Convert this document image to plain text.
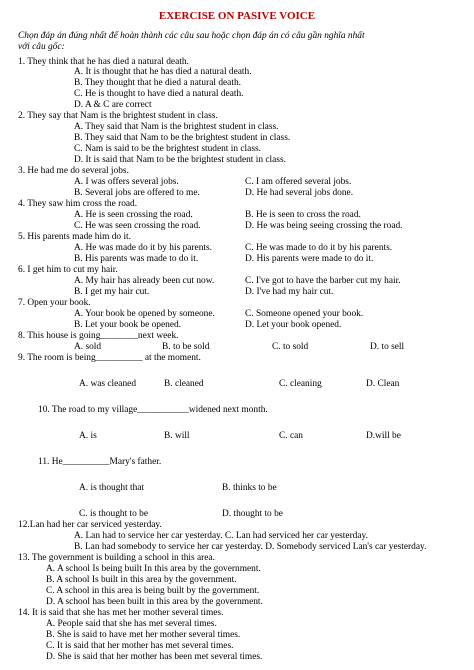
EXERCISE ON PASIVE VOICE
Chọn đáp án đúng nhất để hoàn thành các câu sau hoặc chọn đáp án có câu gần nghĩa nhất
với câu gốc:
1. They think that he has died a natural death.
A. It is thought that he has died a natural death.
B. They thought that he died a natural death.
C. He is thought to have died a natural death.
D. A & C are correct
2. They say that Nam is the brightest student in class.
A. They said that Nam is the brightest student in class.
B. They said that Nam to be the brightest student in class.
C. Nam is said to be the brightest student in class.
D. It is said that Nam to be the brightest student in class.
3. He had me do several jobs.
A. I was offers several jobs.	C. I am offered several jobs.
B. Several jobs are offered to me.	D. He had several jobs done.
4. They saw him cross the road.
A. He is seen crossing the road.	B. He is seen to cross the road.
C. He was seen crossing the road.	D. He was being seeing crossing the road.
5. His parents made him do it.
A. He was made do it by his parents.	C. He was made to do it by his parents.
B. His parents was made to do it.	D. His parents were made to do it.
6. I get him to cut my hair.
A. My hair has already been cut now.	C. I've got to have the barber cut my hair.
B. I get my hair cut.	D. I've had my hair cut.
7. Open your book.
A. Your book be opened by someone.	C. Someone opened your book.
B. Let your book be opened.	D. Let your book opened.
8. This house is going________next week.
A. sold	B. to be sold	C. to sold	D. to sell
9. The room is being__________ at the moment.
A. was cleaned	B. cleaned	C. cleaning	D. Clean
10. The road to my village___________widened next month.
A. is	B. will	C. can	D.will be
11. He__________Mary's father.
A. is thought that	B. thinks to be
C. is thought to be	D. thought to be
12.Lan had her car serviced yesterday.
A. Lan had to service her car yesterday. C. Lan had serviced her car yesterday.
B. Lan had somebody to service her car yesterday. D. Somebody serviced Lan's car yesterday.
13. The government is building a school in this area.
A. A school Is being built In this area by the government.
B. A school Is built in this area by the government.
C. A school in this area is being built by the government.
D. A school has been built in this area by the government.
14. It is said that she has met her mother several times.
A. People said that she has met several times.
B. She is said to have met her mother several times.
C. It is said that her mother has met several times.
D. She is said that her mother has been met several times.
